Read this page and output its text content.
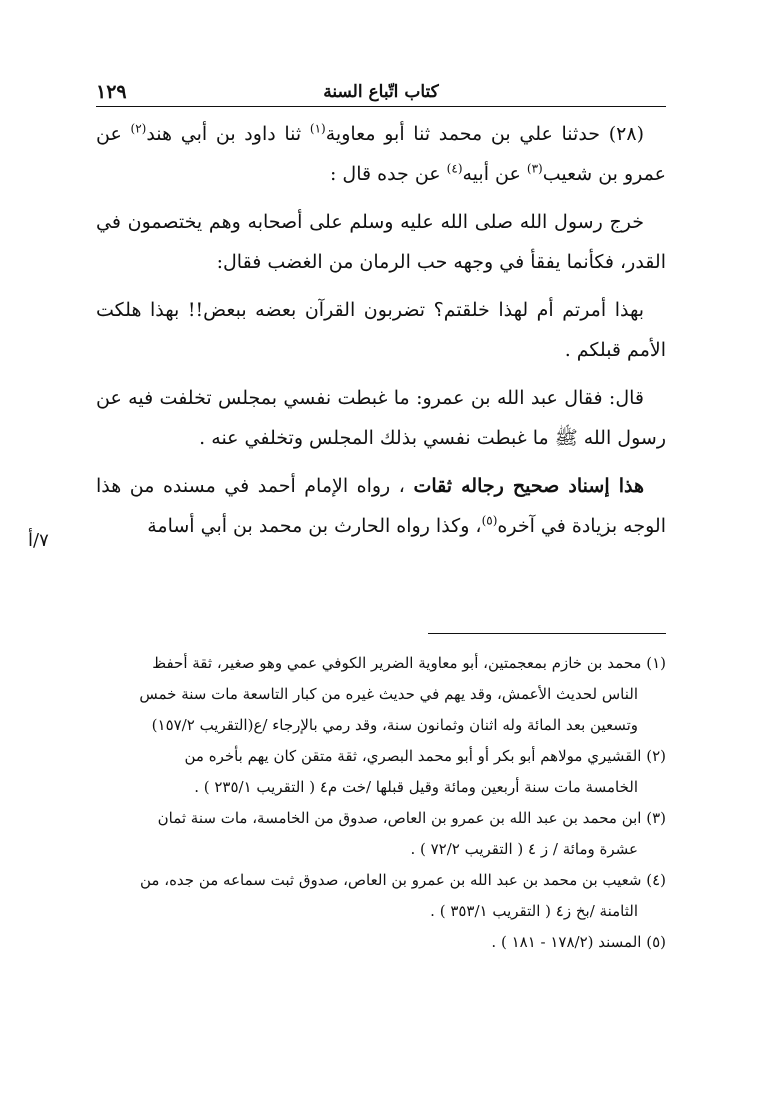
١٢٩	كتاب اتّباع السنة
٧/أ

(٢٨) حدثنا علي بن محمد ثنا أبو معاوية$^{(١)}$ ثنا داود بن أبي هند$^{(٢)}$ عن عمرو بن شعيب$^{(٣)}$ عن أبيه$^{(٤)}$ عن جده قال :

خرج رسول الله صلى الله عليه وسلم على أصحابه وهم يختصمون في القدر، فكأنما يفقأ في وجهه حب الرمان من الغضب فقال:

بهذا أمرتم أم لهذا خلقتم؟ تضربون القرآن بعضه ببعض!! بهذا هلكت الأمم قبلكم .

قال: فقال عبد الله بن عمرو: ما غبطت نفسي بمجلس تخلفت فيه عن رسول الله ﷺ ما غبطت نفسي بذلك المجلس وتخلفي عنه .

هذا إسناد صحيح رجاله ثقات ، رواه الإمام أحمد في مسنده من هذا الوجه بزيادة في آخره$^{(٥)}$، وكذا رواه الحارث بن محمد بن أبي أسامة

(١) محمد بن خازم بمعجمتين، أبو معاوية الضرير الكوفي عمي وهو صغير، ثقة أحفظ

الناس لحديث الأعمش، وقد يهم في حديث غيره من كبار التاسعة مات سنة خمس

وتسعين بعد المائة وله اثنان وثمانون سنة، وقد رمي بالإرجاء /ع(التقريب ١٥٧/٢)

(٢) القشيري مولاهم أبو بكر أو أبو محمد البصري، ثقة متقن كان يهم بأخره من

الخامسة مات سنة أربعين ومائة وقيل قبلها /خت م٤ ( التقريب ٢٣٥/١ ) .

(٣) ابن محمد بن عبد الله بن عمرو بن العاص، صدوق من الخامسة، مات سنة ثمان

عشرة ومائة / ز ٤ ( التقريب ٧٢/٢ ) .

(٤) شعيب بن محمد بن عبد الله بن عمرو بن العاص، صدوق ثبت سماعه من جده، من

الثامنة /بخ ز٤ ( التقريب ٣٥٣/١ ) .

(٥) المسند (١٧٨/٢ - ١٨١ ) .
